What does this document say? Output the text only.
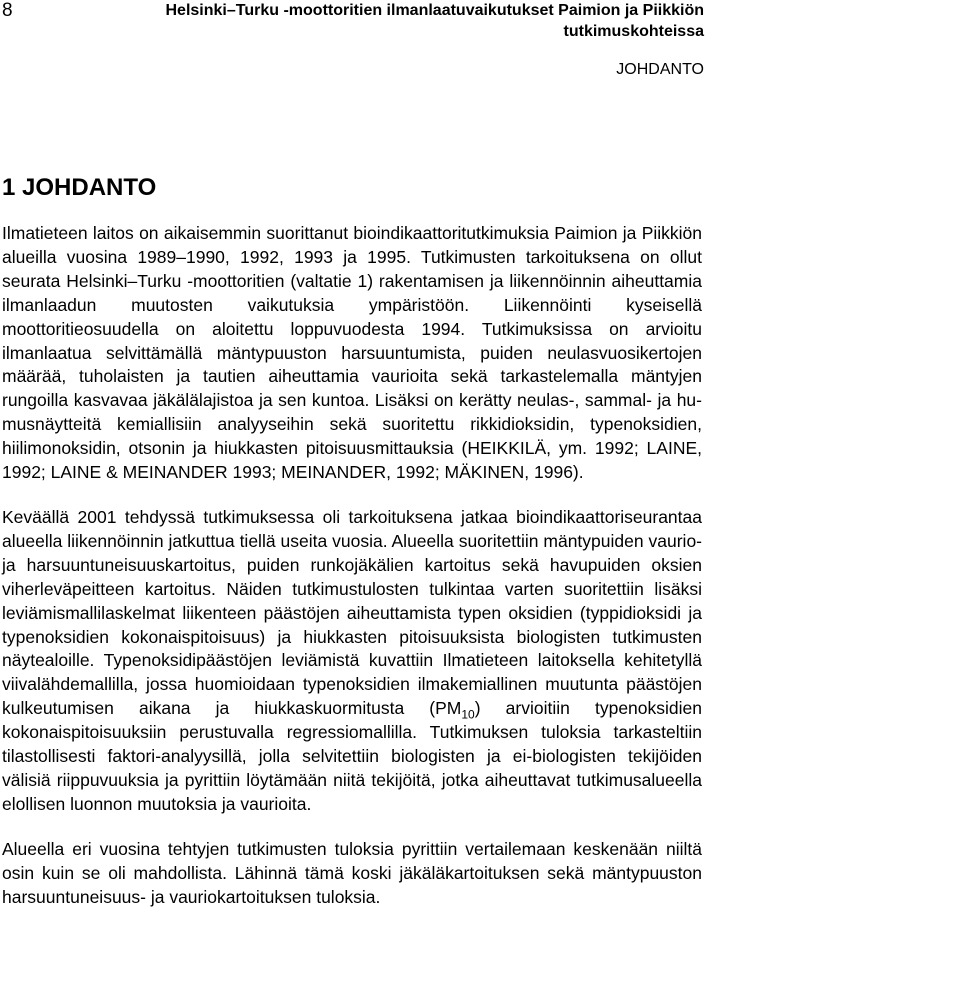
8	Helsinki–Turku -moottoritien ilmanlaatuvaikutukset Paimion ja Piikkiön
tutkimuskohteissa
JOHDANTO
1 JOHDANTO

Ilmatieteen laitos on aikaisemmin suorittanut bioindikaattoritutkimuksia Paimion ja Piikkiön alueilla vuosina 1989–1990, 1992, 1993 ja 1995. Tutkimusten tarkoituksena on ollut seurata Helsinki–Turku -moottoritien (valtatie 1) rakentamisen ja liikennöinnin aiheuttamia ilmanlaadun muutosten vaikutuksia ympäristöön. Liikennöinti kyseisellä moottoritieosuudella on aloitettu loppuvuodesta 1994. Tutkimuksissa on arvioitu ilmanlaatua selvittämällä mäntypuuston harsuuntumista, puiden neulasvuosikertojen määrää, tuholaisten ja tautien aiheuttamia vaurioita sekä tarkastelemalla mäntyjen rungoilla kasvavaa jäkälälajistoa ja sen kuntoa. Lisäksi on kerätty neulas-, sammal- ja humusnäytteitä kemiallisiin analyyseihin sekä suoritettu rikkidioksidin, typenoksidien, hiilimonoksidin, otsonin ja hiukkasten pitoisuusmittauksia (HEIKKILÄ, ym. 1992; LAINE, 1992; LAINE & MEINANDER 1993; MEINANDER, 1992; MÄKINEN, 1996).

Keväällä 2001 tehdyssä tutkimuksessa oli tarkoituksena jatkaa bioindikaattoriseurantaa alueella liikennöinnin jatkuttua tiellä useita vuosia. Alueella suoritettiin mäntypuiden vaurio- ja harsuuntuneisuuskartoitus, puiden runkojäkälien kartoitus sekä havupuiden oksien viherleväpeitteen kartoitus. Näiden tutkimustulosten tulkintaa varten suoritettiin lisäksi leviämismallilaskelmat liikenteen päästöjen aiheuttamista typen oksidien (typpidioksidi ja typenoksidien kokonaispitoisuus) ja hiukkasten pitoisuuksista biologisten tutkimusten näytealoille. Typenoksidipäästöjen leviämistä kuvattiin Ilmatieteen laitoksella kehitetyllä viivalähdemallilla, jossa huomioidaan typenoksidien ilmakemiallinen muutunta päästöjen kulkeutumisen aikana ja hiukkaskuormitusta $(PM_{10})$ arvioitiin typenoksidien kokonaispitoisuuksiin perustuvalla regressiomallilla. Tutkimuksen tuloksia tarkasteltiin tilastollisesti faktori-analyysillä, jolla selvitettiin biologisten ja ei-biologisten tekijöiden välisiä riippuvuuksia ja pyrittiin löytämään niitä tekijöitä, jotka aiheuttavat tutkimusalueella elollisen luonnon muutoksia ja vaurioita.

Alueella eri vuosina tehtyjen tutkimusten tuloksia pyrittiin vertailemaan keskenään niiltä osin kuin se oli mahdollista. Lähinnä tämä koski jäkäläkartoituksen sekä mäntypuuston harsuuntuneisuus- ja vauriokartoituksen tuloksia.
